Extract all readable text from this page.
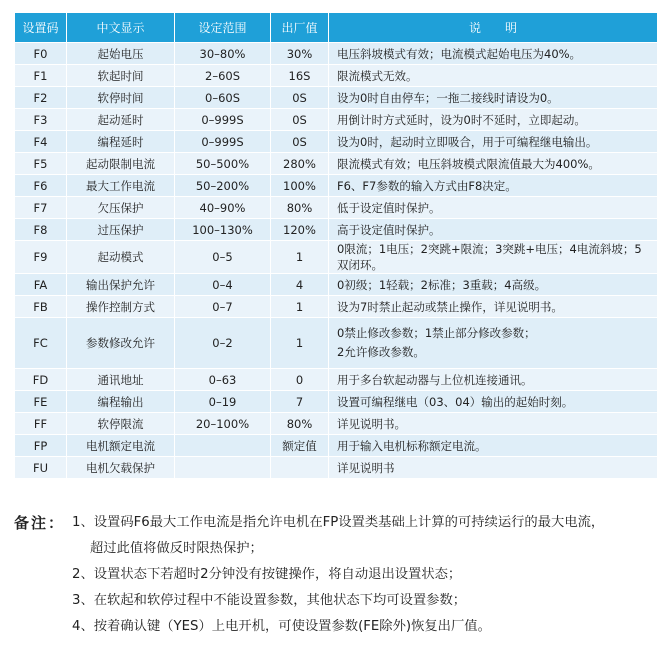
设置码	中文显示	设定范围	出厂值	说　　明
F0	起始电压	30–80%	30%	电压斜坡模式有效；电流模式起始电压为40%。
F1	软起时间	2–60S	16S	限流模式无效。
F2	软停时间	0–60S	0S	设为0时自由停车；一拖二接线时请设为0。
F3	起动延时	0–999S	0S	用倒计时方式延时，设为0时不延时，立即起动。
F4	编程延时	0–999S	0S	设为0时，起动时立即吸合，用于可编程继电输出。
F5	起动限制电流	50–500%	280%	限流模式有效；电压斜坡模式限流值最大为400%。
F6	最大工作电流	50–200%	100%	F6、F7参数的输入方式由F8决定。
F7	欠压保护	40–90%	80%	低于设定值时保护。
F8	过压保护	100–130%	120%	高于设定值时保护。
F9	起动模式	0–5	1	0限流；1电压；2突跳+限流；3突跳+电压；4电流斜坡；5双闭环。
FA	输出保护允许	0–4	4	0初级；1轻载；2标准；3重载；4高级。
FB	操作控制方式	0–7	1	设为7时禁止起动或禁止操作，详见说明书。
FC	参数修改允许	0–2	1	0禁止修改参数；1禁止部分修改参数；
2允许修改参数。

FD	通讯地址	0–63	0	用于多台软起动器与上位机连接通讯。
FE	编程输出	0–19	7	设置可编程继电（03、04）输出的起始时刻。
FF	软停限流	20–100%	80%	详见说明书。
FP	电机额定电流		额定值	用于输入电机标称额定电流。
FU	电机欠载保护			详见说明书
备注： 1、设置码F6最大工作电流是指允许电机在FP设置类基础上计算的可持续运行的最大电流，
超过此值将做反时限热保护；
2、设置状态下若超时2分钟没有按键操作，将自动退出设置状态；
3、在软起和软停过程中不能设置参数，其他状态下均可设置参数；
4、按着确认键（YES）上电开机，可使设置参数(FE除外)恢复出厂值。
